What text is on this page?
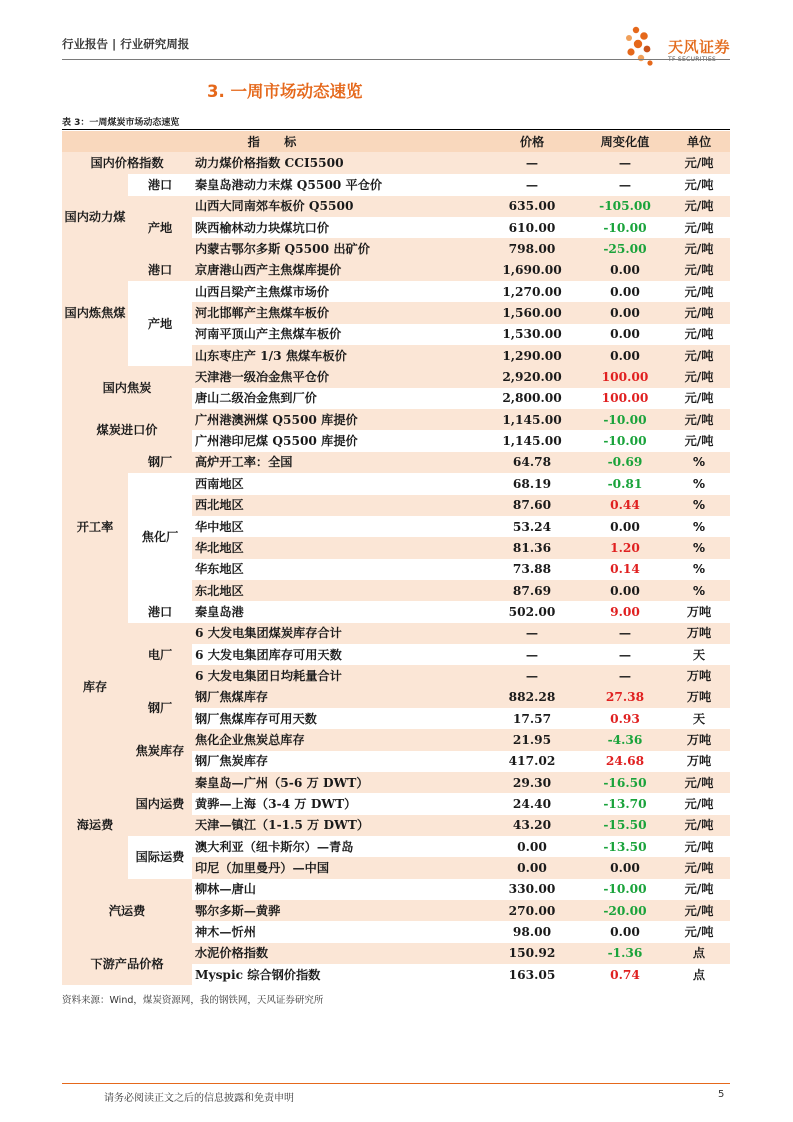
行业报告 | 行业研究周报	天风证券
3. 一周市场动态速览
表 3：一周煤炭市场动态速览
指　　标			价格	周变化值	单位
国内价格指数		动力煤价格指数 CCI5500	—	—	元/吨
国内动力煤	港口	秦皇岛港动力末煤 Q5500 平仓价	—	—	元/吨
	产地	山西大同南郊车板价 Q5500	635.00	-105.00	元/吨
		陕西榆林动力块煤坑口价	610.00	-10.00	元/吨
		内蒙古鄂尔多斯 Q5500 出矿价	798.00	-25.00	元/吨
国内炼焦煤	港口	京唐港山西产主焦煤库提价	1,690.00	0.00	元/吨
	产地	山西吕梁产主焦煤市场价	1,270.00	0.00	元/吨
		河北邯郸产主焦煤车板价	1,560.00	0.00	元/吨
		河南平顶山产主焦煤车板价	1,530.00	0.00	元/吨
		山东枣庄产 1/3 焦煤车板价	1,290.00	0.00	元/吨
国内焦炭		天津港一级冶金焦平仓价	2,920.00	100.00	元/吨
		唐山二级冶金焦到厂价	2,800.00	100.00	元/吨
煤炭进口价		广州港澳洲煤 Q5500 库提价	1,145.00	-10.00	元/吨
		广州港印尼煤 Q5500 库提价	1,145.00	-10.00	元/吨
开工率	钢厂	高炉开工率：全国	64.78	-0.69	%
	焦化厂	西南地区	68.19	-0.81	%
		西北地区	87.60	0.44	%
		华中地区	53.24	0.00	%
		华北地区	81.36	1.20	%
		华东地区	73.88	0.14	%
		东北地区	87.69	0.00	%
库存	港口	秦皇岛港	502.00	9.00	万吨
	电厂	6 大发电集团煤炭库存合计	—	—	万吨
		6 大发电集团库存可用天数	—	—	天
		6 大发电集团日均耗量合计	—	—	万吨
	钢厂	钢厂焦煤库存	882.28	27.38	万吨
		钢厂焦煤库存可用天数	17.57	0.93	天
	焦炭库存	焦化企业焦炭总库存	21.95	-4.36	万吨
		钢厂焦炭库存	417.02	24.68	万吨
海运费	国内运费	秦皇岛—广州（5-6 万 DWT）	29.30	-16.50	元/吨
		黄骅—上海（3-4 万 DWT）	24.40	-13.70	元/吨
		天津—镇江（1-1.5 万 DWT）	43.20	-15.50	元/吨
	国际运费	澳大利亚（纽卡斯尔）—青岛	0.00	-13.50	元/吨
		印尼（加里曼丹）—中国	0.00	0.00	元/吨
汽运费		柳林—唐山	330.00	-10.00	元/吨
		鄂尔多斯—黄骅	270.00	-20.00	元/吨
		神木—忻州	98.00	0.00	元/吨
下游产品价格		水泥价格指数	150.92	-1.36	点
		Myspic 综合钢价指数	163.05	0.74	点
资料来源：Wind，煤炭资源网，我的钢铁网，天风证券研究所
请务必阅读正文之后的信息披露和免责申明	5
